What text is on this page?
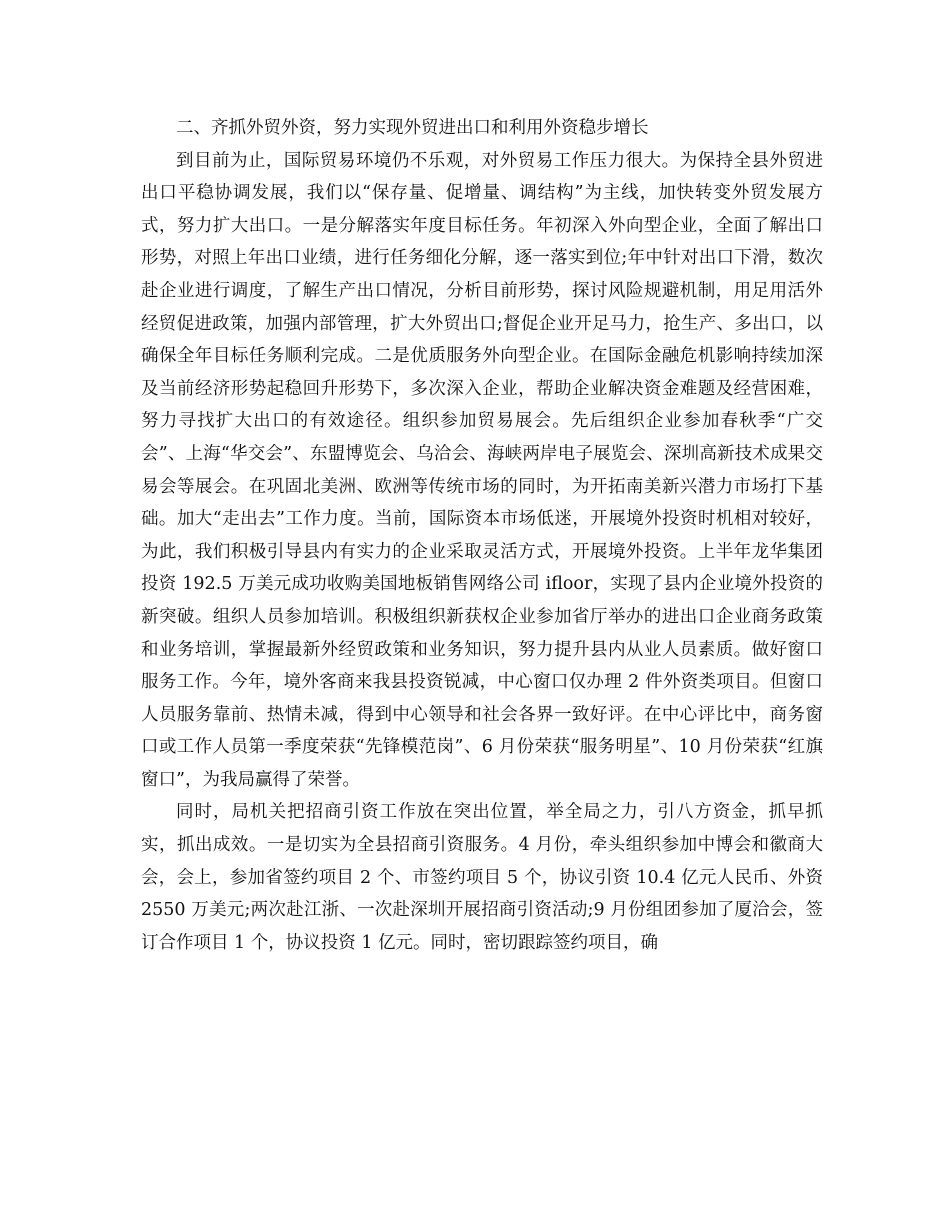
二、齐抓外贸外资，努力实现外贸进出口和利用外资稳步增长

到目前为止，国际贸易环境仍不乐观，对外贸易工作压力很大。为保持全县外贸进出口平稳协调发展，我们以“保存量、促增量、调结构”为主线，加快转变外贸发展方式，努力扩大出口。一是分解落实年度目标任务。年初深入外向型企业，全面了解出口形势，对照上年出口业绩，进行任务细化分解，逐一落实到位;年中针对出口下滑，数次赴企业进行调度，了解生产出口情况，分析目前形势，探讨风险规避机制，用足用活外经贸促进政策，加强内部管理，扩大外贸出口;督促企业开足马力，抢生产、多出口，以确保全年目标任务顺利完成。二是优质服务外向型企业。在国际金融危机影响持续加深及当前经济形势起稳回升形势下，多次深入企业，帮助企业解决资金难题及经营困难，努力寻找扩大出口的有效途径。组织参加贸易展会。先后组织企业参加春秋季“广交会”、上海“华交会”、东盟博览会、乌洽会、海峡两岸电子展览会、深圳高新技术成果交易会等展会。在巩固北美洲、欧洲等传统市场的同时，为开拓南美新兴潜力市场打下基础。加大“走出去”工作力度。当前，国际资本市场低迷，开展境外投资时机相对较好，为此，我们积极引导县内有实力的企业采取灵活方式，开展境外投资。上半年龙华集团投资 192.5 万美元成功收购美国地板销售网络公司 ifloor，实现了县内企业境外投资的新突破。组织人员参加培训。积极组织新获权企业参加省厅举办的进出口企业商务政策和业务培训，掌握最新外经贸政策和业务知识，努力提升县内从业人员素质。做好窗口服务工作。今年，境外客商来我县投资锐减，中心窗口仅办理 2 件外资类项目。但窗口人员服务靠前、热情未减，得到中心领导和社会各界一致好评。在中心评比中，商务窗口或工作人员第一季度荣获“先锋模范岗”、6 月份荣获“服务明星”、10 月份荣获“红旗窗口”，为我局赢得了荣誉。

同时，局机关把招商引资工作放在突出位置，举全局之力，引八方资金，抓早抓实，抓出成效。一是切实为全县招商引资服务。4 月份，牵头组织参加中博会和徽商大会，会上，参加省签约项目 2 个、市签约项目 5 个，协议引资 10.4 亿元人民币、外资 2550 万美元;两次赴江浙、一次赴深圳开展招商引资活动;9 月份组团参加了厦洽会，签订合作项目 1 个，协议投资 1 亿元。同时，密切跟踪签约项目，确
